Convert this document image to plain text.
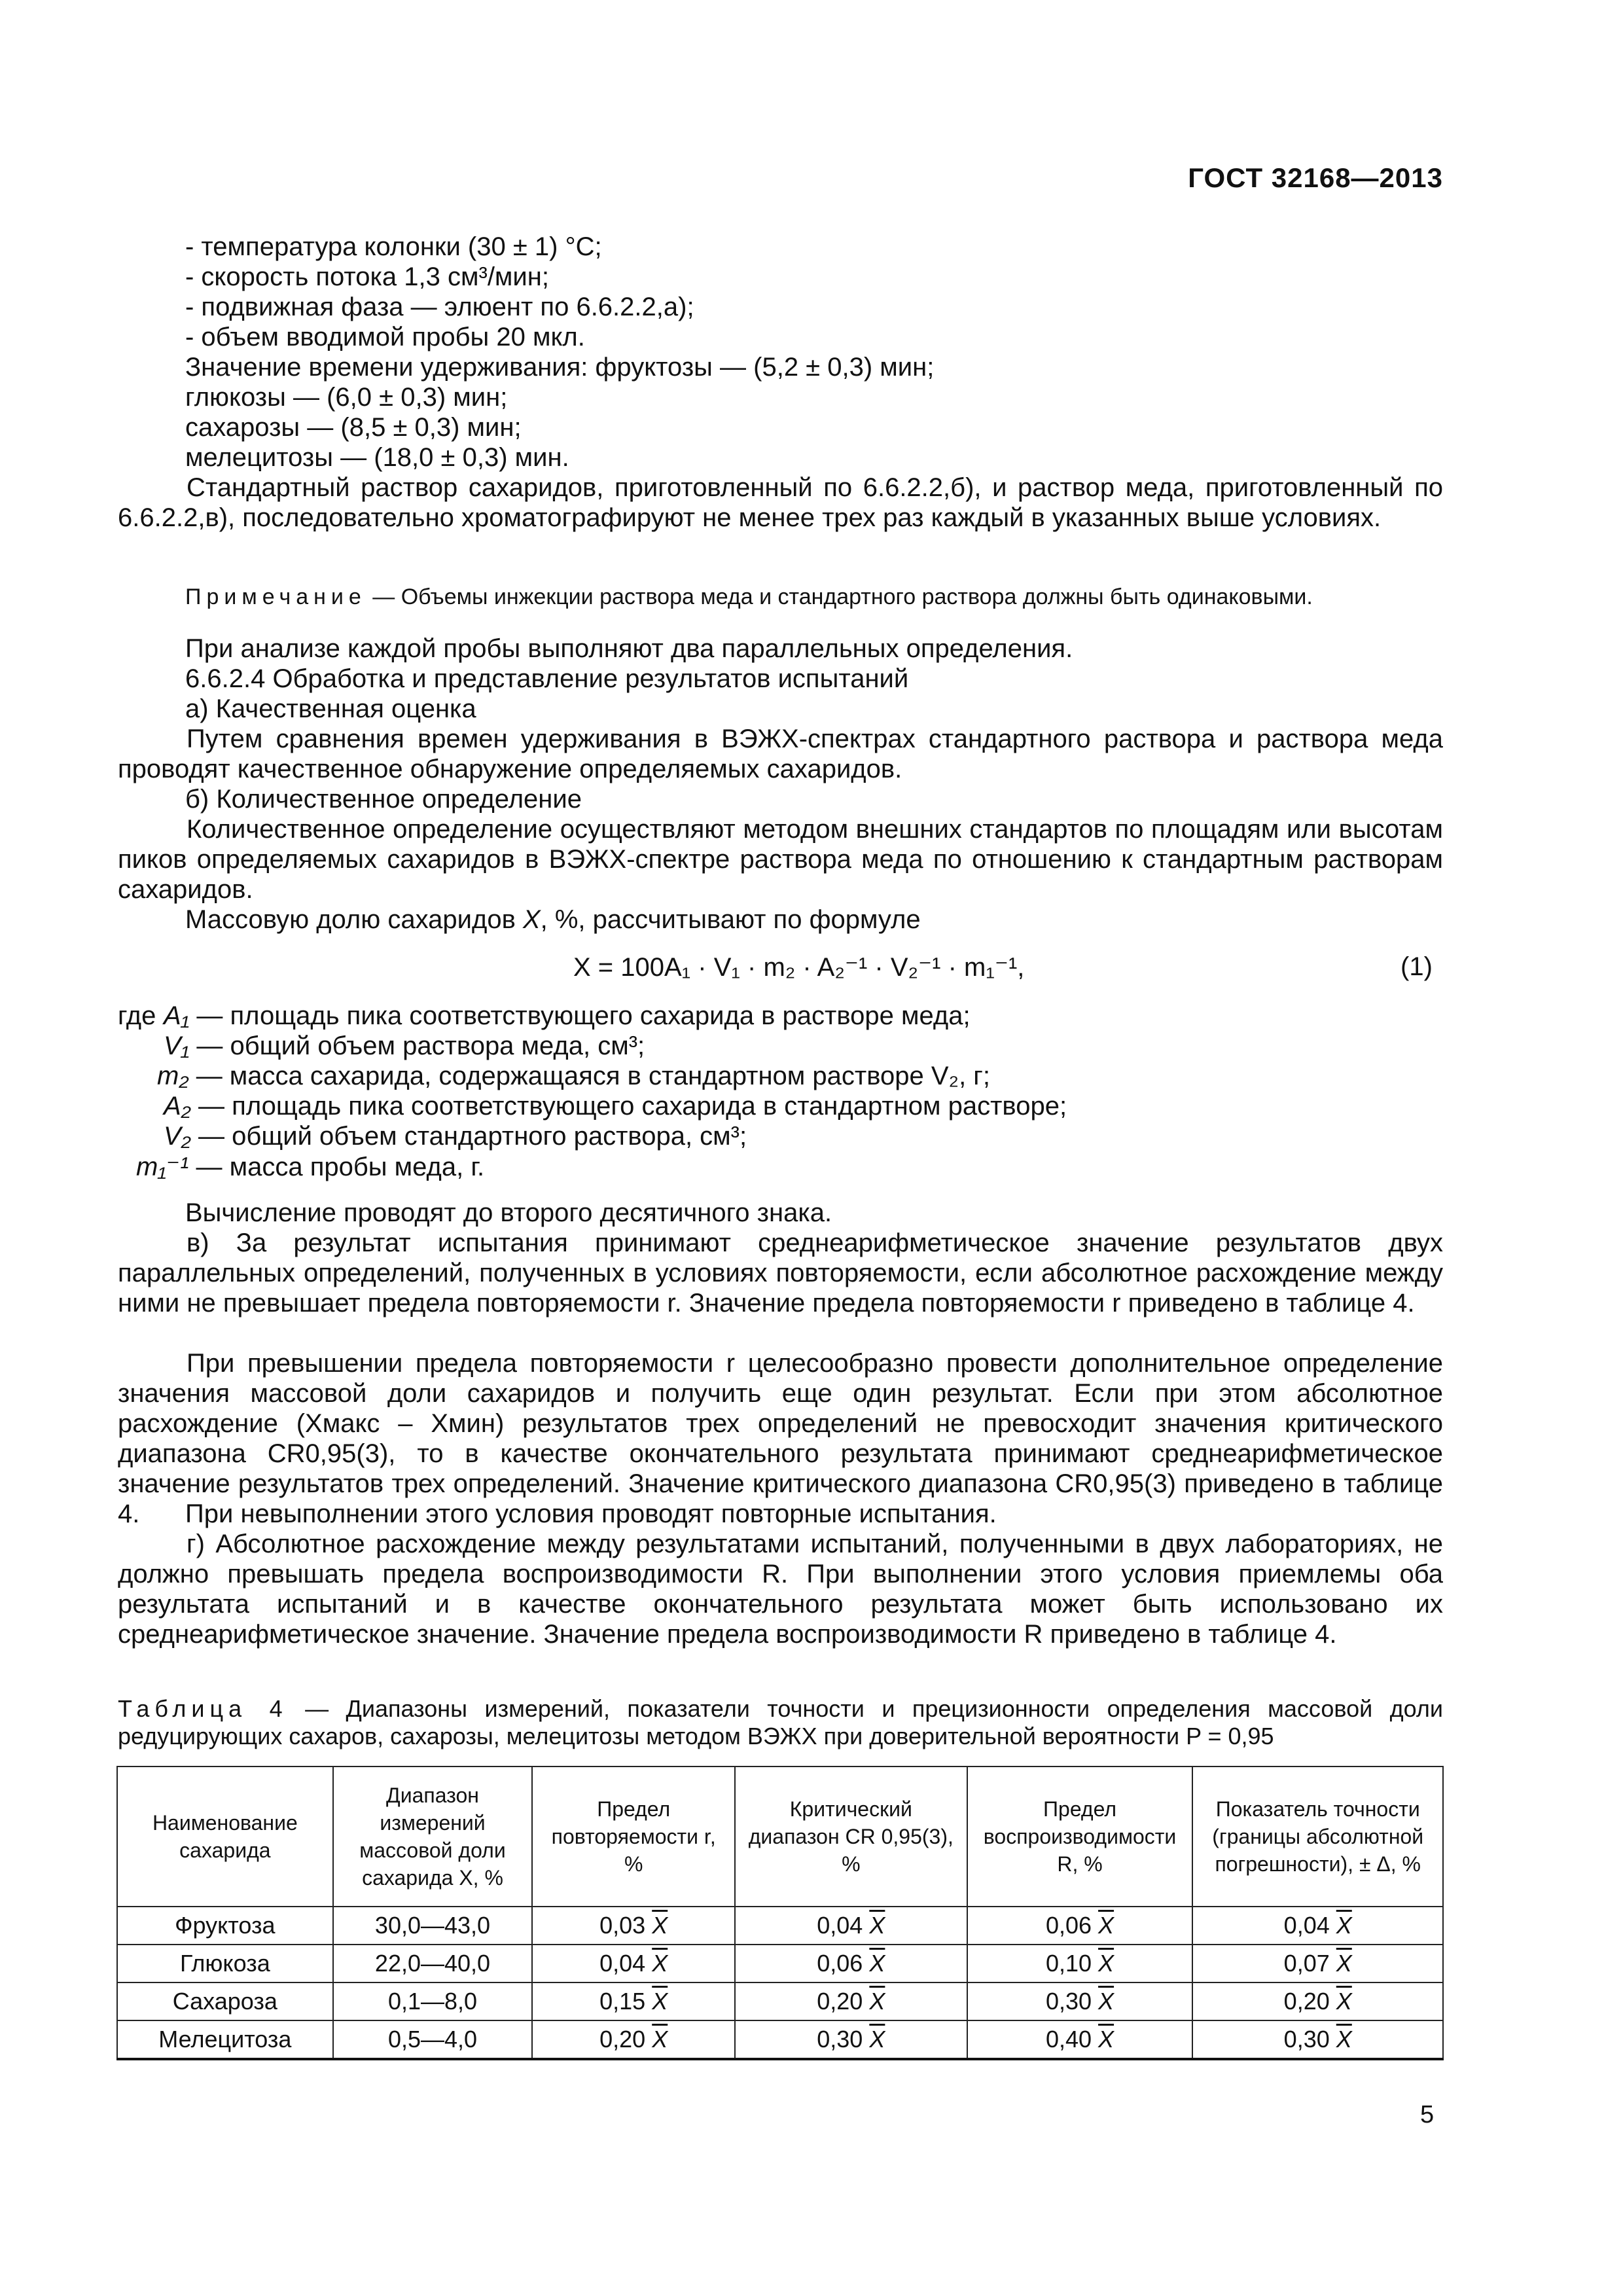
ГОСТ 32168—2013
- температура колонки (30 ± 1) °С;
- скорость потока 1,3 см³/мин;
- подвижная фаза — элюент по 6.6.2.2,а);
- объем вводимой пробы 20 мкл.
Значение времени удерживания: фруктозы — (5,2 ± 0,3) мин;
глюкозы — (6,0 ± 0,3) мин;
сахарозы — (8,5 ± 0,3) мин;
мелецитозы — (18,0 ± 0,3) мин.
Стандартный раствор сахаридов, приготовленный по 6.6.2.2,б), и раствор меда, приготовленный по 6.6.2.2,в), последовательно хроматографируют не менее трех раз каждый в указанных выше условиях.
Примечание — Объемы инжекции раствора меда и стандартного раствора должны быть одинаковыми.
При анализе каждой пробы выполняют два параллельных определения.
6.6.2.4 Обработка и представление результатов испытаний
а) Качественная оценка
Путем сравнения времен удерживания в ВЭЖХ-спектрах стандартного раствора и раствора меда проводят качественное обнаружение определяемых сахаридов.
б) Количественное определение
Количественное определение осуществляют методом внешних стандартов по площадям или высотам пиков определяемых сахаридов в ВЭЖХ-спектре раствора меда по отношению к стандартным растворам сахаридов.
Массовую долю сахаридов X, %, рассчитывают по формуле
X = 100A₁ · V₁ · m₂ · A₂⁻¹ · V₂⁻¹ · m₁⁻¹,	(1)
где A₁ — площадь пика соответствующего сахарида в растворе меда;
V₁ — общий объем раствора меда, см³;
m₂ — масса сахарида, содержащаяся в стандартном растворе V₂, г;
A₂ — площадь пика соответствующего сахарида в стандартном растворе;
V₂ — общий объем стандартного раствора, см³;
m₁⁻¹ — масса пробы меда, г.
Вычисление проводят до второго десятичного знака.
в) За результат испытания принимают среднеарифметическое значение результатов двух параллельных определений, полученных в условиях повторяемости, если абсолютное расхождение между ними не превышает предела повторяемости r. Значение предела повторяемости r приведено в таблице 4.
При превышении предела повторяемости r целесообразно провести дополнительное определение значения массовой доли сахаридов и получить еще один результат. Если при этом абсолютное расхождение (Xмакс – Xмин) результатов трех определений не превосходит значения критического диапазона CR0,95(3), то в качестве окончательного результата принимают среднеарифметическое значение результатов трех определений. Значение критического диапазона CR0,95(3) приведено в таблице 4.	При невыполнении этого условия проводят повторные испытания.
г) Абсолютное расхождение между результатами испытаний, полученными в двух лабораториях, не должно превышать предела воспроизводимости R. При выполнении этого условия приемлемы оба результата испытаний и в качестве окончательного результата может быть использовано их среднеарифметическое значение. Значение предела воспроизводимости R приведено в таблице 4.
Таблица 4 — Диапазоны измерений, показатели точности и прецизионности определения массовой доли редуцирующих сахаров, сахарозы, мелецитозы методом ВЭЖХ при доверительной вероятности P = 0,95
Наименование сахарида	Диапазон измерений массовой доли сахарида X, %	Предел повторяемости r, %	Критический диапазон CR 0,95(3), %	Предел воспроизводимости R, %	Показатель точности (границы абсолютной погрешности), ± Δ, %
Фруктоза	30,0—43,0	0,03 $\overline{X}$	0,04 $\overline{X}$	0,06 $\overline{X}$	0,04 $\overline{X}$
Глюкоза	22,0—40,0	0,04 $\overline{X}$	0,06 $\overline{X}$	0,10 $\overline{X}$	0,07 $\overline{X}$
Сахароза	0,1—8,0	0,15 $\overline{X}$	0,20 $\overline{X}$	0,30 $\overline{X}$	0,20 $\overline{X}$
Мелецитоза	0,5—4,0	0,20 $\overline{X}$	0,30 $\overline{X}$	0,40 $\overline{X}$	0,30 $\overline{X}$
5
